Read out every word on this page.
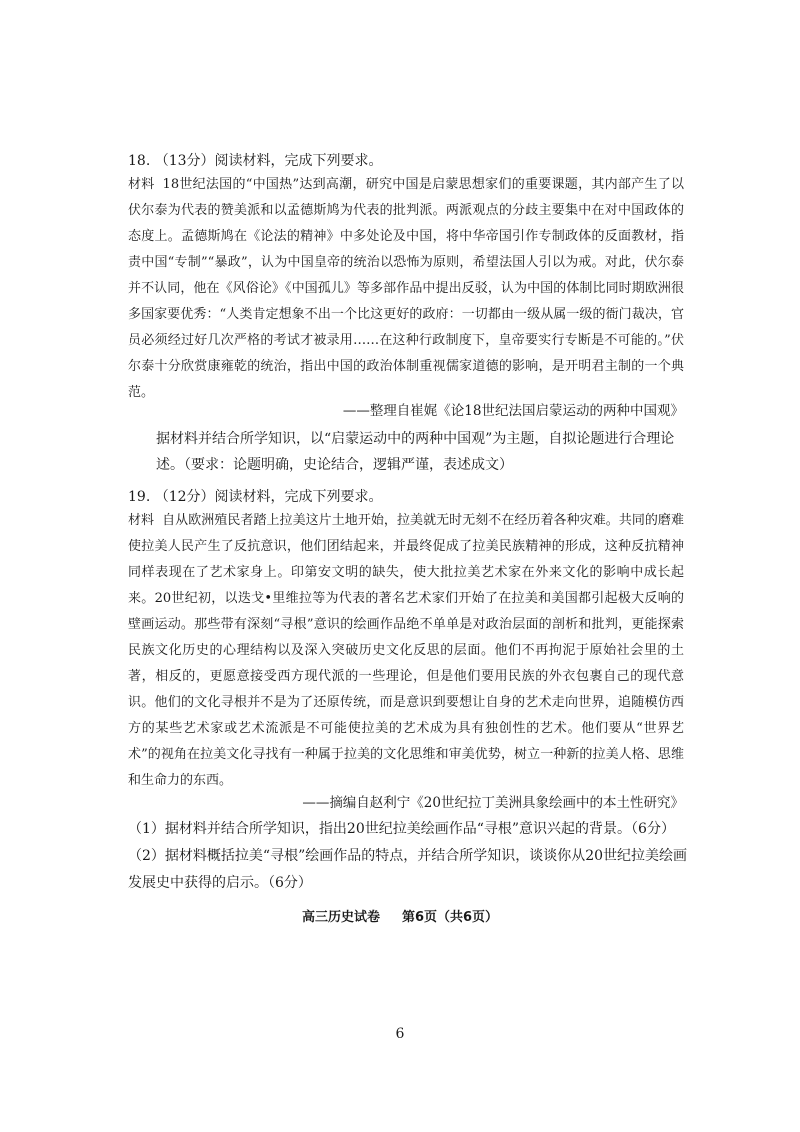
18. （13分）阅读材料，完成下列要求。
材料 18世纪法国的“中国热”达到高潮，研究中国是启蒙思想家们的重要课题，其内部产生了以伏尔泰为代表的赞美派和以孟德斯鸠为代表的批判派。两派观点的分歧主要集中在对中国政体的态度上。孟德斯鸠在《论法的精神》中多处论及中国，将中华帝国引作专制政体的反面教材，指责中国“专制”“暴政”，认为中国皇帝的统治以恐怖为原则，希望法国人引以为戒。对此，伏尔泰并不认同，他在《风俗论》《中国孤儿》等多部作品中提出反驳，认为中国的体制比同时期欧洲很多国家要优秀：“人类肯定想象不出一个比这更好的政府：一切都由一级从属一级的衙门裁决，官员必须经过好几次严格的考试才被录用……在这种行政制度下，皇帝要实行专断是不可能的。”伏尔泰十分欣赏康雍乾的统治，指出中国的政治体制重视儒家道德的影响，是开明君主制的一个典范。
——整理自崔娓《论18世纪法国启蒙运动的两种中国观》
据材料并结合所学知识，以“启蒙运动中的两种中国观”为主题，自拟论题进行合理论述。（要求：论题明确，史论结合，逻辑严谨，表述成文）
19. （12分）阅读材料，完成下列要求。
材料 自从欧洲殖民者踏上拉美这片土地开始，拉美就无时无刻不在经历着各种灾难。共同的磨难使拉美人民产生了反抗意识，他们团结起来，并最终促成了拉美民族精神的形成，这种反抗精神同样表现在了艺术家身上。印第安文明的缺失，使大批拉美艺术家在外来文化的影响中成长起来。20世纪初，以迭戈•里维拉等为代表的著名艺术家们开始了在拉美和美国都引起极大反响的壁画运动。那些带有深刻“寻根”意识的绘画作品绝不单单是对政治层面的剖析和批判，更能探索民族文化历史的心理结构以及深入突破历史文化反思的层面。他们不再拘泥于原始社会里的土著，相反的，更愿意接受西方现代派的一些理论，但是他们要用民族的外衣包裹自己的现代意识。他们的文化寻根并不是为了还原传统，而是意识到要想让自身的艺术走向世界，追随模仿西方的某些艺术家或艺术流派是不可能使拉美的艺术成为具有独创性的艺术。他们要从“世界艺术”的视角在拉美文化寻找有一种属于拉美的文化思维和审美优势，树立一种新的拉美人格、思维和生命力的东西。
——摘编自赵利宁《20世纪拉丁美洲具象绘画中的本土性研究》
（1）据材料并结合所学知识，指出20世纪拉美绘画作品“寻根”意识兴起的背景。（6分）
（2）据材料概括拉美“寻根”绘画作品的特点，并结合所学知识，谈谈你从20世纪拉美绘画发展史中获得的启示。（6分）
高三历史试卷 第6页（共6页）
6
